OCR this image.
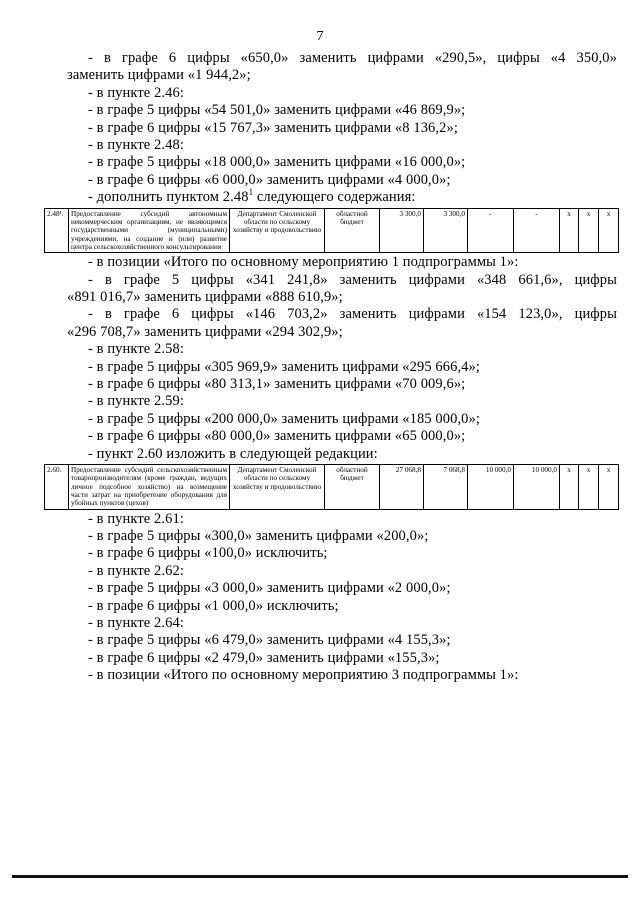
7
- в графе 6 цифры «650,0» заменить цифрами «290,5», цифры «4 350,0»
заменить цифрами «1 944,2»;
- в пункте 2.46:
- в графе 5 цифры «54 501,0» заменить цифрами «46 869,9»;
- в графе 6 цифры «15 767,3» заменить цифрами «8 136,2»;
- в пункте 2.48:
- в графе 5 цифры «18 000,0» заменить цифрами «16 000,0»;
- в графе 6 цифры «6 000,0» заменить цифрами «4 000,0»;
- дополнить пунктом 2.48$^1$ следующего содержания:
2.48¹.	Предоставление субсидий автономным некоммерческим организациям, не являющимся государственными (муниципальными) учреждениями, на создание и (или) развитие центра сельскохозяйственного консультирования	Департамент Смоленской области по сельскому хозяйству и продовольствию	областной бюджет	3 300,0	3 300,0	-	-	x	x	x
- в позиции «Итого по основному мероприятию 1 подпрограммы 1»:
- в графе 5 цифры «341 241,8» заменить цифрами «348 661,6», цифры
«891 016,7» заменить цифрами «888 610,9»;
- в графе 6 цифры «146 703,2» заменить цифрами «154 123,0», цифры
«296 708,7» заменить цифрами «294 302,9»;
- в пункте 2.58:
- в графе 5 цифры «305 969,9» заменить цифрами «295 666,4»;
- в графе 6 цифры «80 313,1» заменить цифрами «70 009,6»;
- в пункте 2.59:
- в графе 5 цифры «200 000,0» заменить цифрами «185 000,0»;
- в графе 6 цифры «80 000,0» заменить цифрами «65 000,0»;
- пункт 2.60 изложить в следующей редакции:
2.60.	Предоставление субсидий сельскохозяйственным товаропроизводителям (кроме граждан, ведущих личное подсобное хозяйство) на возмещение части затрат на приобретение оборудования для убойных пунктов (цехов)	Департамент Смоленской области по сельскому хозяйству и продовольствию	областной бюджет	27 068,8	7 068,8	10 000,0	10 000,0	x	x	x
- в пункте 2.61:
- в графе 5 цифры «300,0» заменить цифрами «200,0»;
- в графе 6 цифры «100,0» исключить;
- в пункте 2.62:
- в графе 5 цифры «3 000,0» заменить цифрами «2 000,0»;
- в графе 6 цифры «1 000,0» исключить;
- в пункте 2.64:
- в графе 5 цифры «6 479,0» заменить цифрами «4 155,3»;
- в графе 6 цифры «2 479,0» заменить цифрами «155,3»;
- в позиции «Итого по основному мероприятию 3 подпрограммы 1»:
